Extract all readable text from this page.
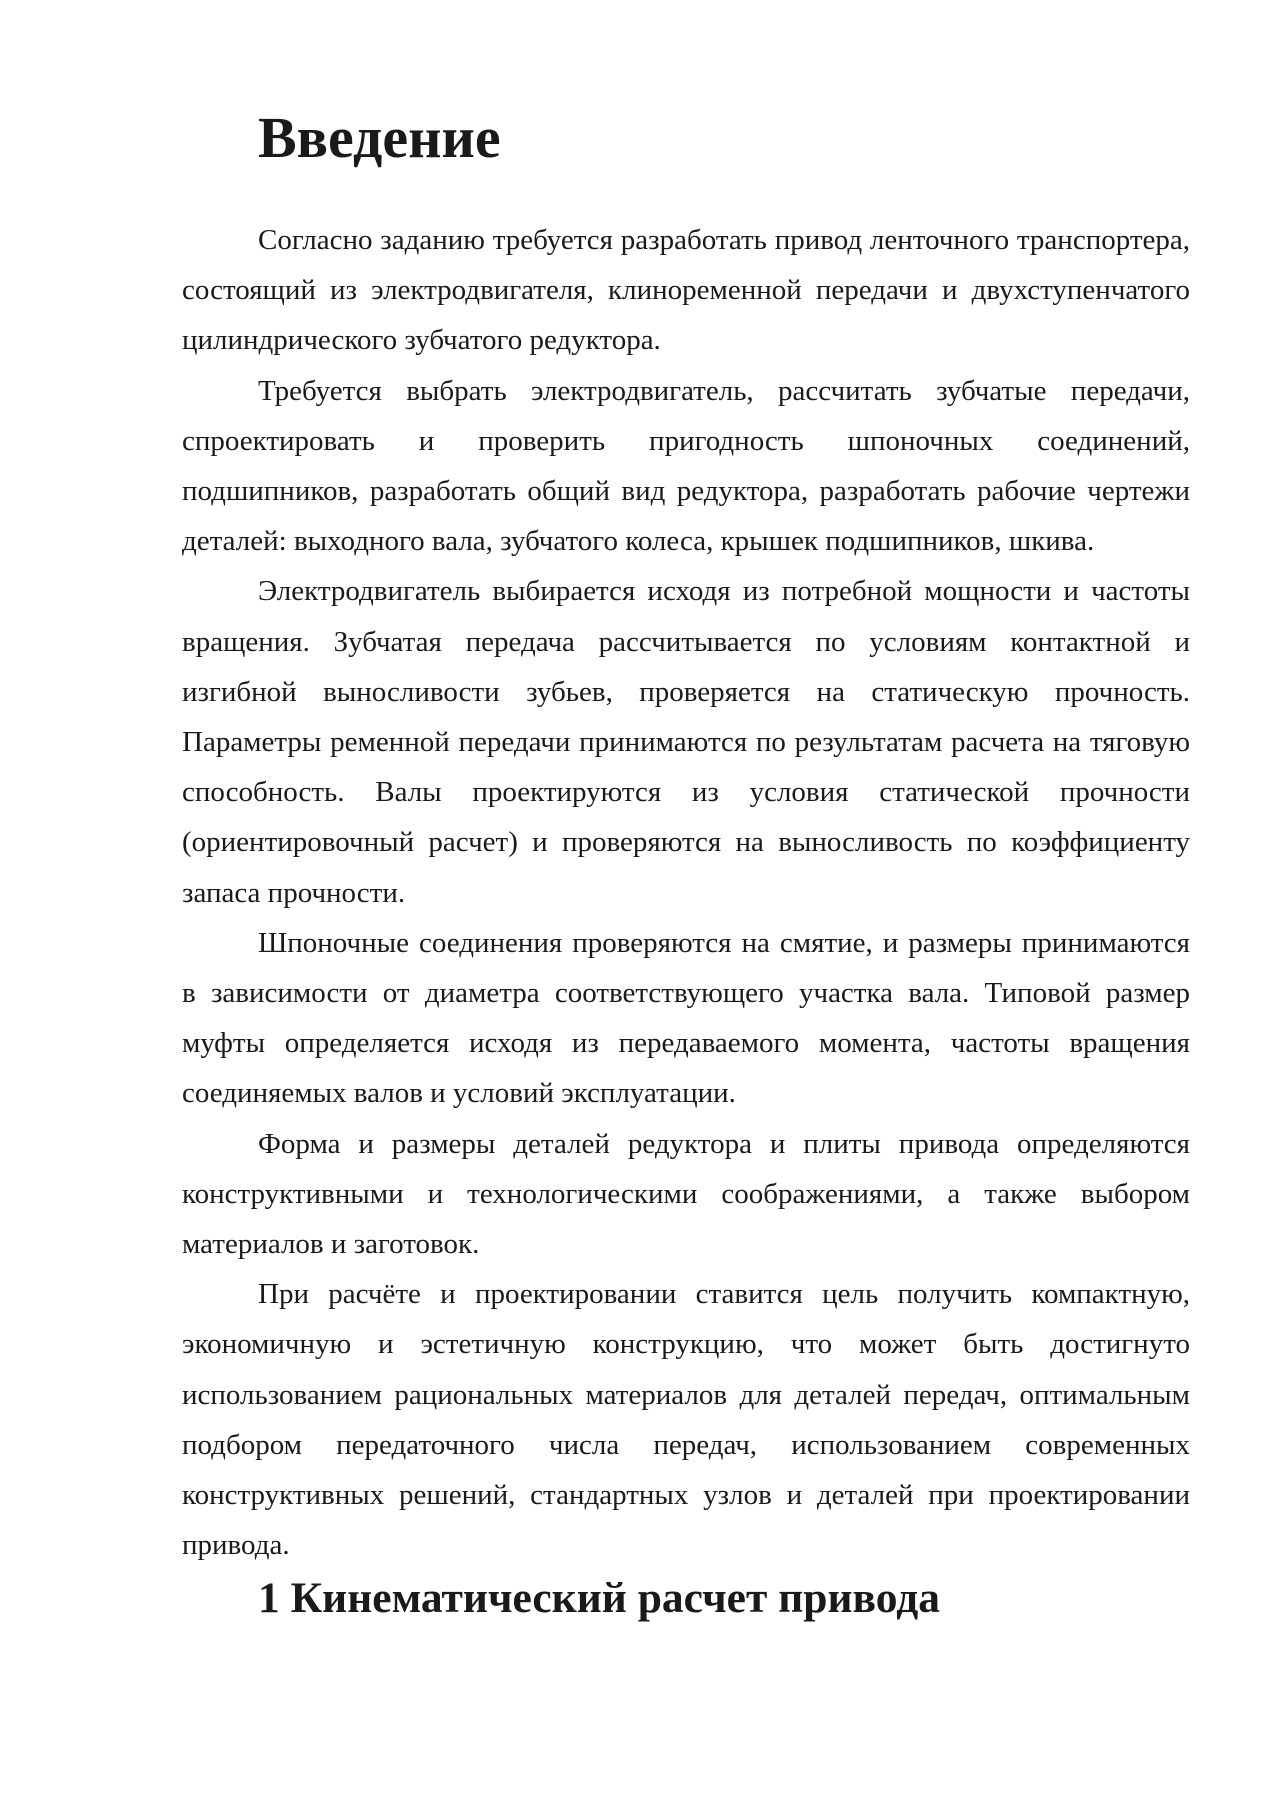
Введение

Согласно заданию требуется разработать привод ленточного транспортера, состоящий из электродвигателя, клиноременной передачи и двухступенчатого цилиндрического зубчатого редуктора.

Требуется выбрать электродвигатель, рассчитать зубчатые передачи, спроектировать и проверить пригодность шпоночных соединений, подшипников, разработать общий вид редуктора, разработать рабочие чертежи деталей: выходного вала, зубчатого колеса, крышек подшипников, шкива.

Электродвигатель выбирается исходя из потребной мощности и частоты вращения. Зубчатая передача рассчитывается по условиям контактной и изгибной выносливости зубьев, проверяется на статическую прочность. Параметры ременной передачи принимаются по результатам расчета на тяговую способность. Валы проектируются из условия статической прочности (ориентировочный расчет) и проверяются на выносливость по коэффициенту запаса прочности.

Шпоночные соединения проверяются на смятие, и размеры принимаются в зависимости от диаметра соответствующего участка вала. Типовой размер муфты определяется исходя из передаваемого момента, частоты вращения соединяемых валов и условий эксплуатации.

Форма и размеры деталей редуктора и плиты привода определяются конструктивными и технологическими соображениями, а также выбором материалов и заготовок.

При расчёте и проектировании ставится цель получить компактную, экономичную и эстетичную конструкцию, что может быть достигнуто использованием рациональных материалов для деталей передач, оптимальным подбором передаточного числа передач, использованием современных конструктивных решений, стандартных узлов и деталей при проектировании привода.

1 Кинематический расчет привода
